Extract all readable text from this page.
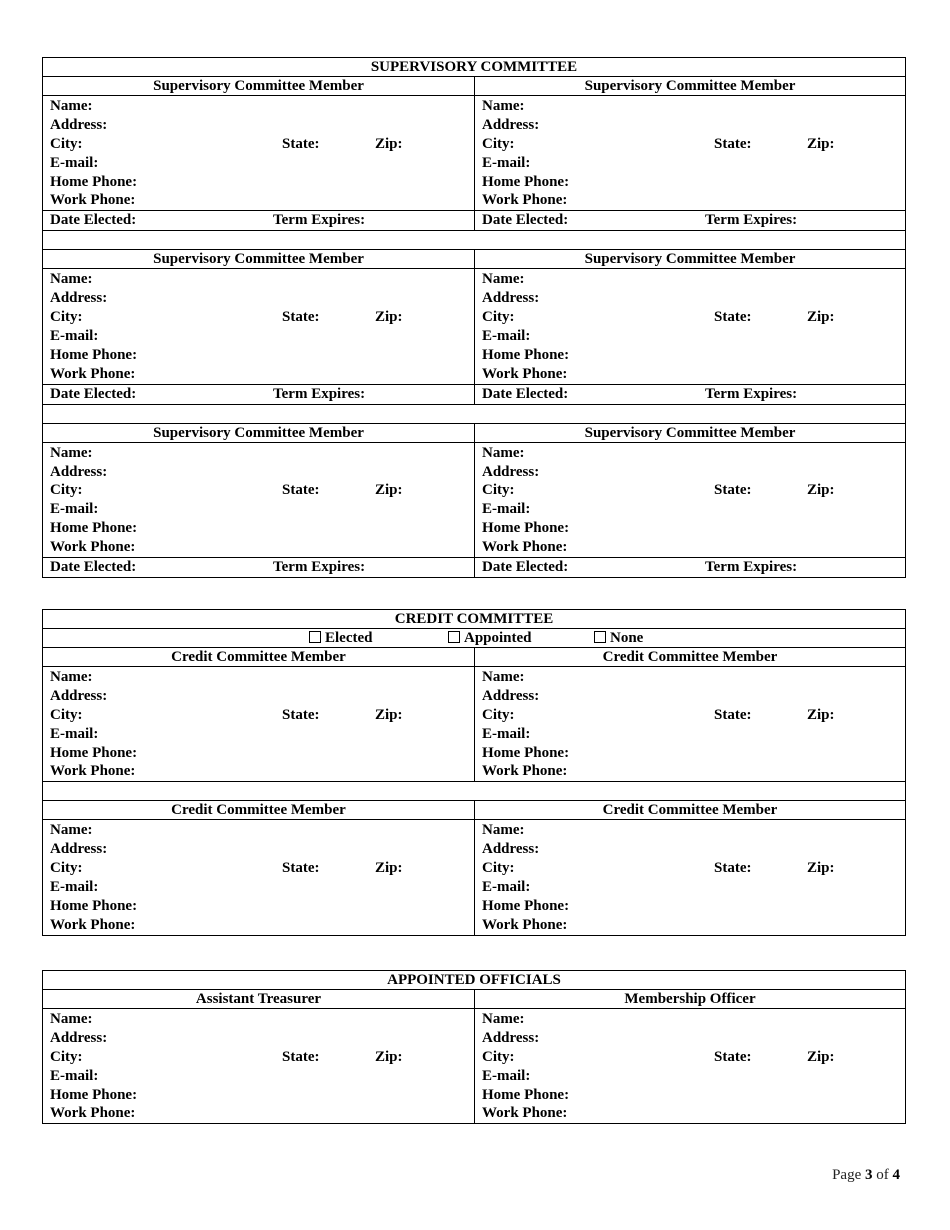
SUPERVISORY COMMITTEE
Supervisory Committee Member
Name:
Address:
City:	State:	Zip:
E-mail:
Home Phone:
Work Phone:
Date Elected:	Term Expires:
Supervisory Committee Member
Name:
Address:
City:	State:	Zip:
E-mail:
Home Phone:
Work Phone:
Date Elected:	Term Expires:
Supervisory Committee Member
Name:
Address:
City:	State:	Zip:
E-mail:
Home Phone:
Work Phone:
Date Elected:	Term Expires:
Supervisory Committee Member
Name:
Address:
City:	State:	Zip:
E-mail:
Home Phone:
Work Phone:
Date Elected:	Term Expires:
Supervisory Committee Member
Name:
Address:
City:	State:	Zip:
E-mail:
Home Phone:
Work Phone:
Date Elected:	Term Expires:
Supervisory Committee Member
Name:
Address:
City:	State:	Zip:
E-mail:
Home Phone:
Work Phone:
Date Elected:	Term Expires:
CREDIT COMMITTEE
Elected	Appointed	None
Credit Committee Member
Name:
Address:
City:	State:	Zip:
E-mail:
Home Phone:
Work Phone:
Credit Committee Member
Name:
Address:
City:	State:	Zip:
E-mail:
Home Phone:
Work Phone:
Credit Committee Member
Name:
Address:
City:	State:	Zip:
E-mail:
Home Phone:
Work Phone:
Credit Committee Member
Name:
Address:
City:	State:	Zip:
E-mail:
Home Phone:
Work Phone:
APPOINTED OFFICIALS
Assistant Treasurer
Name:
Address:
City:	State:	Zip:
E-mail:
Home Phone:
Work Phone:
Membership Officer
Name:
Address:
City:	State:	Zip:
E-mail:
Home Phone:
Work Phone:
Page 3 of 4
